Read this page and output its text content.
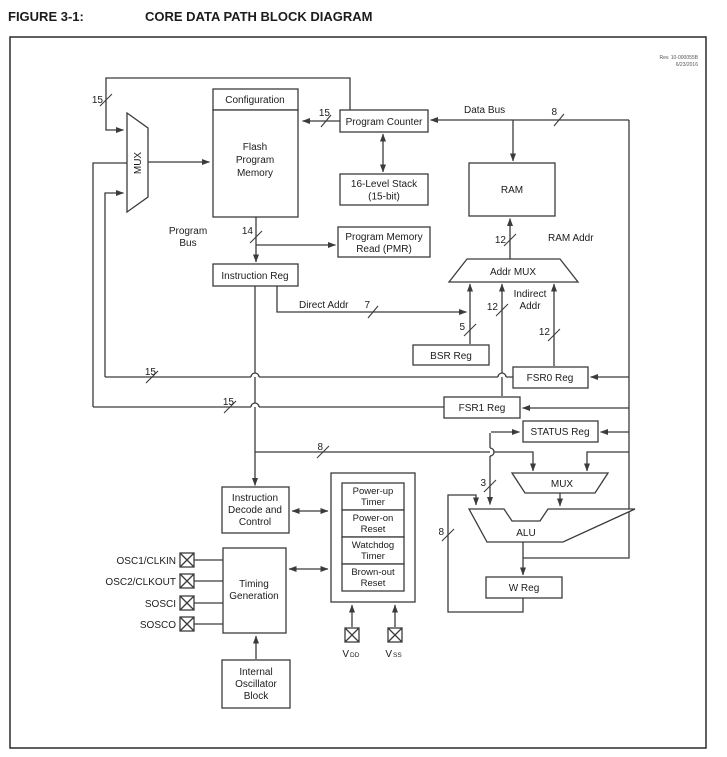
FIGURE 3-1:	CORE DATA PATH BLOCK DIAGRAM
Rev. 10-000055B
6/23/2016
Configuration
Flash
Program
Memory
MUX
Program Counter
16-Level Stack
(15-bit)
RAM
Program Memory
Read (PMR)
Instruction Reg	Addr MUX
BSR Reg
FSR0 Reg
FSR1 Reg
STATUS Reg
MUX
ALU
W Reg
Instruction
Decode and
Control
Power-up
Timer
Power-on
Reset
Watchdog
Timer
Brown-out
Reset
Timing
Generation
Internal
Oscillator
Block
Data Bus
Program
Bus	RAM Addr
Direct Addr
Indirect
Addr
15
15
14
8
12
7
5
12
12
15
15
8
3
8
OSC1/CLKIN
OSC2/CLKOUT
SOSCI
SOSCO
V DD	V SS
